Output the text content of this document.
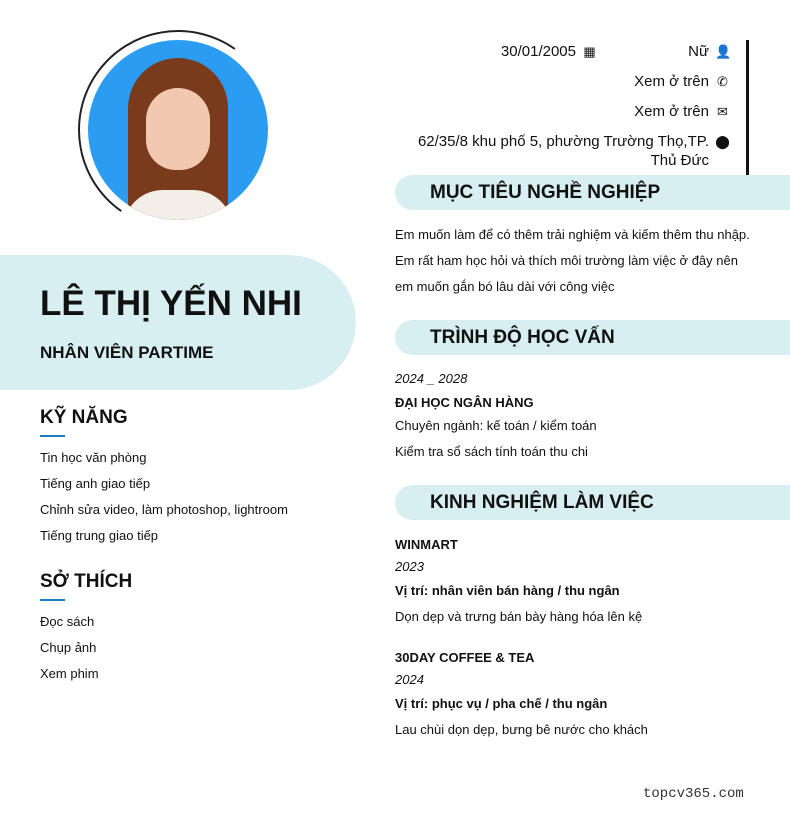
LÊ THỊ YẾN NHI
NHÂN VIÊN PARTIME
KỸ NĂNG
Tin học văn phòng
Tiếng anh giao tiếp
Chỉnh sửa video, làm photoshop, lightroom
Tiếng trung giao tiếp
SỞ THÍCH
Đọc sách
Chụp ảnh
Xem phim
30/01/2005 ▦	Nữ 👤
Xem ở trên ✆
Xem ở trên ✉
62/35/8 khu phố 5, phường Trường Thọ,TP. ⬤
Thủ Đức
MỤC TIÊU NGHỀ NGHIỆP
Em muốn làm để có thêm trải nghiệm và kiếm thêm thu nhập.
Em rất ham học hỏi và thích môi trường làm việc ở đây nên
em muốn gắn bó lâu dài với công việc
TRÌNH ĐỘ HỌC VẤN
2024 _ 2028
ĐẠI HỌC NGÂN HÀNG
Chuyên ngành: kế toán / kiểm toán
Kiểm tra sổ sách tính toán thu chi
KINH NGHIỆM LÀM VIỆC
WINMART
2023
Vị trí: nhân viên bán hàng / thu ngân
Dọn dẹp và trưng bán bày hàng hóa lên kệ
30DAY COFFEE & TEA
2024
Vị trí: phục vụ / pha chế / thu ngân
Lau chùi dọn dẹp, bưng bê nước cho khách
topcv365.com
